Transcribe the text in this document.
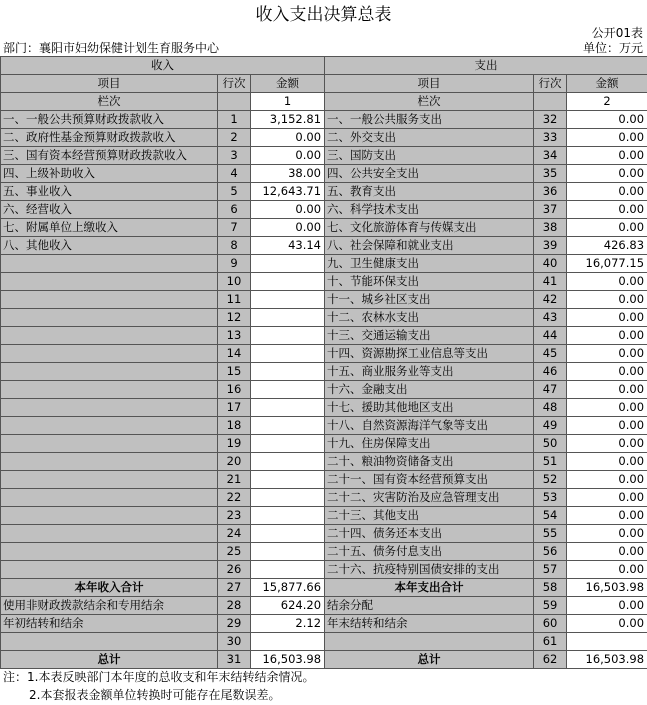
收入支出决算总表
公开01表
部门：襄阳市妇幼保健计划生育服务中心	单位：万元
收入			支出		
项目	行次	金额	项目	行次	金额
栏次		1	栏次		2
一、一般公共预算财政拨款收入	1	3,152.81	一、一般公共服务支出	32	0.00
二、政府性基金预算财政拨款收入	2	0.00	二、外交支出	33	0.00
三、国有资本经营预算财政拨款收入	3	0.00	三、国防支出	34	0.00
四、上级补助收入	4	38.00	四、公共安全支出	35	0.00
五、事业收入	5	12,643.71	五、教育支出	36	0.00
六、经营收入	6	0.00	六、科学技术支出	37	0.00
七、附属单位上缴收入	7	0.00	七、文化旅游体育与传媒支出	38	0.00
八、其他收入	8	43.14	八、社会保障和就业支出	39	426.83
	9		九、卫生健康支出	40	16,077.15
	10		十、节能环保支出	41	0.00
	11		十一、城乡社区支出	42	0.00
	12		十二、农林水支出	43	0.00
	13		十三、交通运输支出	44	0.00
	14		十四、资源勘探工业信息等支出	45	0.00
	15		十五、商业服务业等支出	46	0.00
	16		十六、金融支出	47	0.00
	17		十七、援助其他地区支出	48	0.00
	18		十八、自然资源海洋气象等支出	49	0.00
	19		十九、住房保障支出	50	0.00
	20		二十、粮油物资储备支出	51	0.00
	21		二十一、国有资本经营预算支出	52	0.00
	22		二十二、灾害防治及应急管理支出	53	0.00
	23		二十三、其他支出	54	0.00
	24		二十四、债务还本支出	55	0.00
	25		二十五、债务付息支出	56	0.00
	26		二十六、抗疫特别国债安排的支出	57	0.00
本年收入合计	27	15,877.66	本年支出合计	58	16,503.98
使用非财政拨款结余和专用结余	28	624.20	结余分配	59	0.00
年初结转和结余	29	2.12	年末结转和结余	60	0.00
	30			61	
总计	31	16,503.98	总计	62	16,503.98
注：1.本表反映部门本年度的总收支和年末结转结余情况。
2.本套报表金额单位转换时可能存在尾数误差。
